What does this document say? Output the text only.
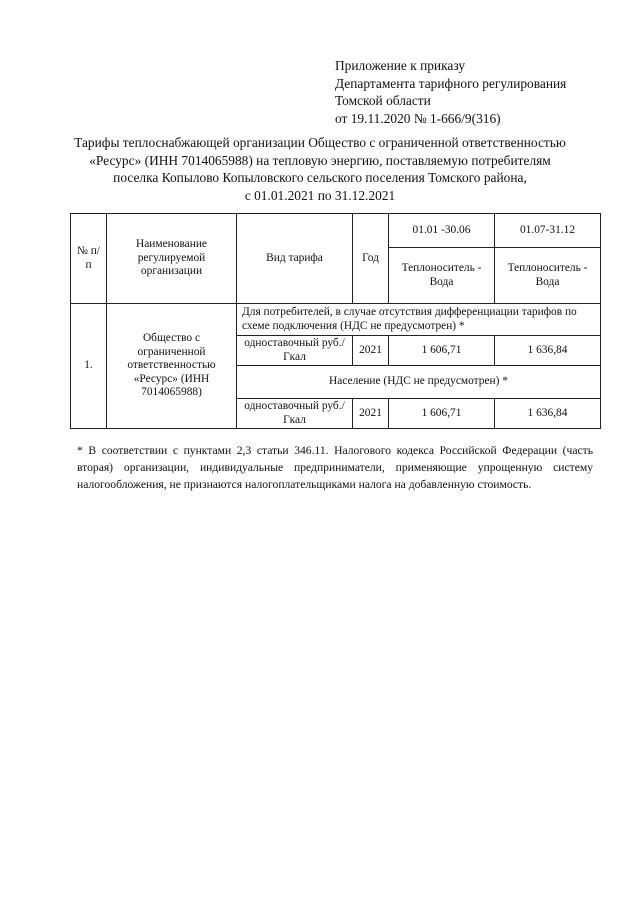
Приложение к приказу
Департамента тарифного регулирования
Томской области
от 19.11.2020 № 1-666/9(316)
Тарифы теплоснабжающей организации Общество с ограниченной ответственностью
«Ресурс» (ИНН 7014065988) на тепловую энергию, поставляемую потребителям
поселка Копылово Копыловского сельского поселения Томского района,
с 01.01.2021 по 31.12.2021
№ п/п	Наименование регулируемой организации	Вид тарифа	Год	01.01 -30.06	01.07-31.12
				Теплоноситель - Вода	Теплоноситель - Вода
1.	Общество с ограниченной ответственностью «Ресурс» (ИНН 7014065988)	Для потребителей, в случае отсутствия дифференциации тарифов по схеме подключения (НДС не предусмотрен) *			
		одноставочный руб./Гкал	2021	1 606,71	1 636,84
		Население (НДС не предусмотрен) *			
		одноставочный руб./Гкал	2021	1 606,71	1 636,84
* В соответствии с пунктами 2,3 статьи 346.11. Налогового кодекса Российской Федерации (часть вторая) организации, индивидуальные предприниматели, применяющие упрощенную систему налогообложения, не признаются налогоплательщиками налога на добавленную стоимость.
